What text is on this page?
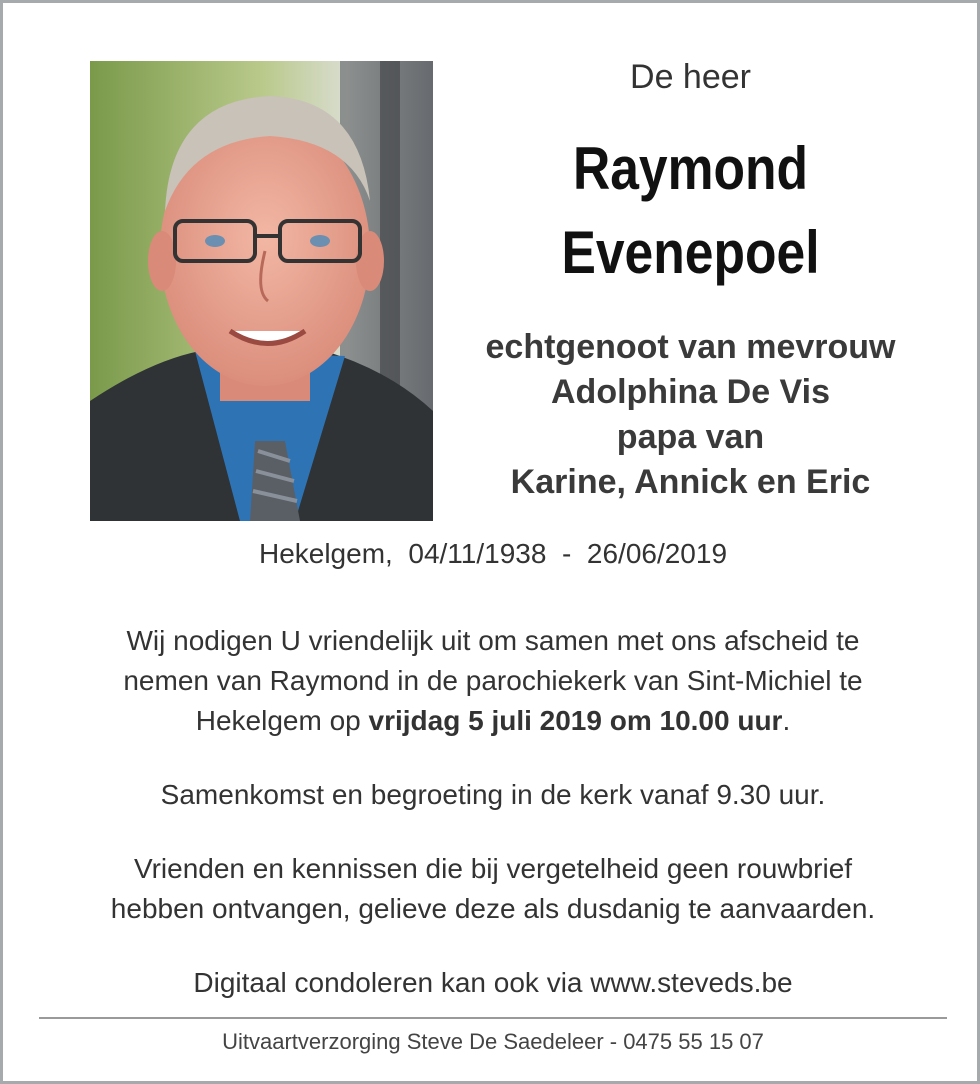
De heer

Raymond
Evenepoel
echtgenoot van mevrouw
Adolphina De Vis
papa van
Karine, Annick en Eric
Hekelgem, 04/11/1938 - 26/06/2019

Wij nodigen U vriendelijk uit om samen met ons afscheid te
nemen van Raymond in de parochiekerk van Sint-Michiel te
Hekelgem op vrijdag 5 juli 2019 om 10.00 uur.

Samenkomst en begroeting in de kerk vanaf 9.30 uur.

Vrienden en kennissen die bij vergetelheid geen rouwbrief
hebben ontvangen, gelieve deze als dusdanig te aanvaarden.

Digitaal condoleren kan ook via www.steveds.be

Uitvaartverzorging Steve De Saedeleer - 0475 55 15 07
